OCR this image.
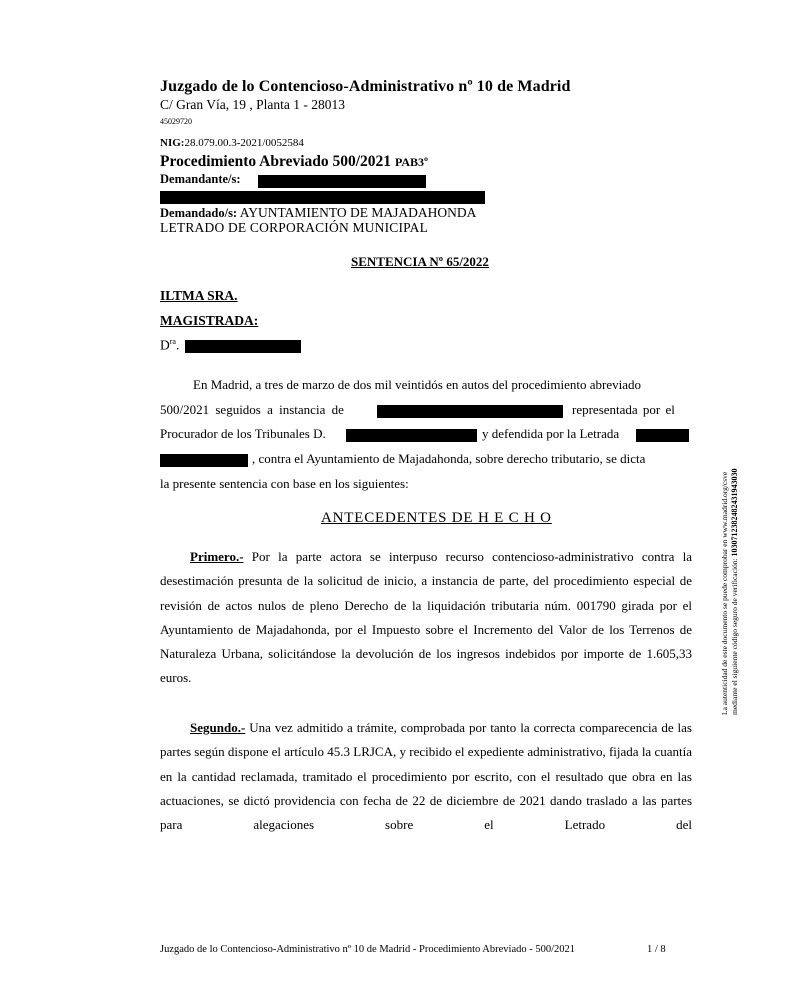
Juzgado de lo Contencioso-Administrativo nº 10 de Madrid
C/ Gran Vía, 19 , Planta 1 - 28013
45029720
NIG:28.079.00.3-2021/0052584
Procedimiento Abreviado 500/2021 PAB3º
Demandante/s:
Demandado/s: AYUNTAMIENTO DE MAJADAHONDA
LETRADO DE CORPORACIÓN MUNICIPAL
SENTENCIA Nº 65/2022
ILTMA SRA.
MAGISTRADA:
$D^{ra}$.
En Madrid, a tres de marzo de dos mil veintidós en autos del procedimiento abreviado
500/2021 seguidos a instancia de	representada por el
Procurador de los Tribunales D.	y defendida por la Letrada
, contra el Ayuntamiento de Majadahonda, sobre derecho tributario, se dicta
la presente sentencia con base en los siguientes:
ANTECEDENTES DE H E C H O
Primero.- Por la parte actora se interpuso recurso contencioso-administrativo contra la desestimación presunta de la solicitud de inicio, a instancia de parte, del procedimiento especial de revisión de actos nulos de pleno Derecho de la liquidación tributaria núm. 001790 girada por el Ayuntamiento de Majadahonda, por el Impuesto sobre el Incremento del Valor de los Terrenos de Naturaleza Urbana, solicitándose la devolución de los ingresos indebidos por importe de 1.605,33 euros.
Segundo.- Una vez admitido a trámite, comprobada por tanto la correcta comparecencia de las partes según dispone el artículo 45.3 LRJCA, y recibido el expediente administrativo, fijada la cuantía en la cantidad reclamada, tramitado el procedimiento por escrito, con el resultado que obra en las actuaciones, se dictó providencia con fecha de 22 de diciembre de 2021 dando traslado a las partes para alegaciones sobre el Letrado del
La autenticidad de este documento se puede comprobar en www.madrid.org/csve mediante el siguiente código seguro de verificación: 1030712382482431943030
Juzgado de lo Contencioso-Administrativo nº 10 de Madrid - Procedimiento Abreviado - 500/2021	1 / 8
